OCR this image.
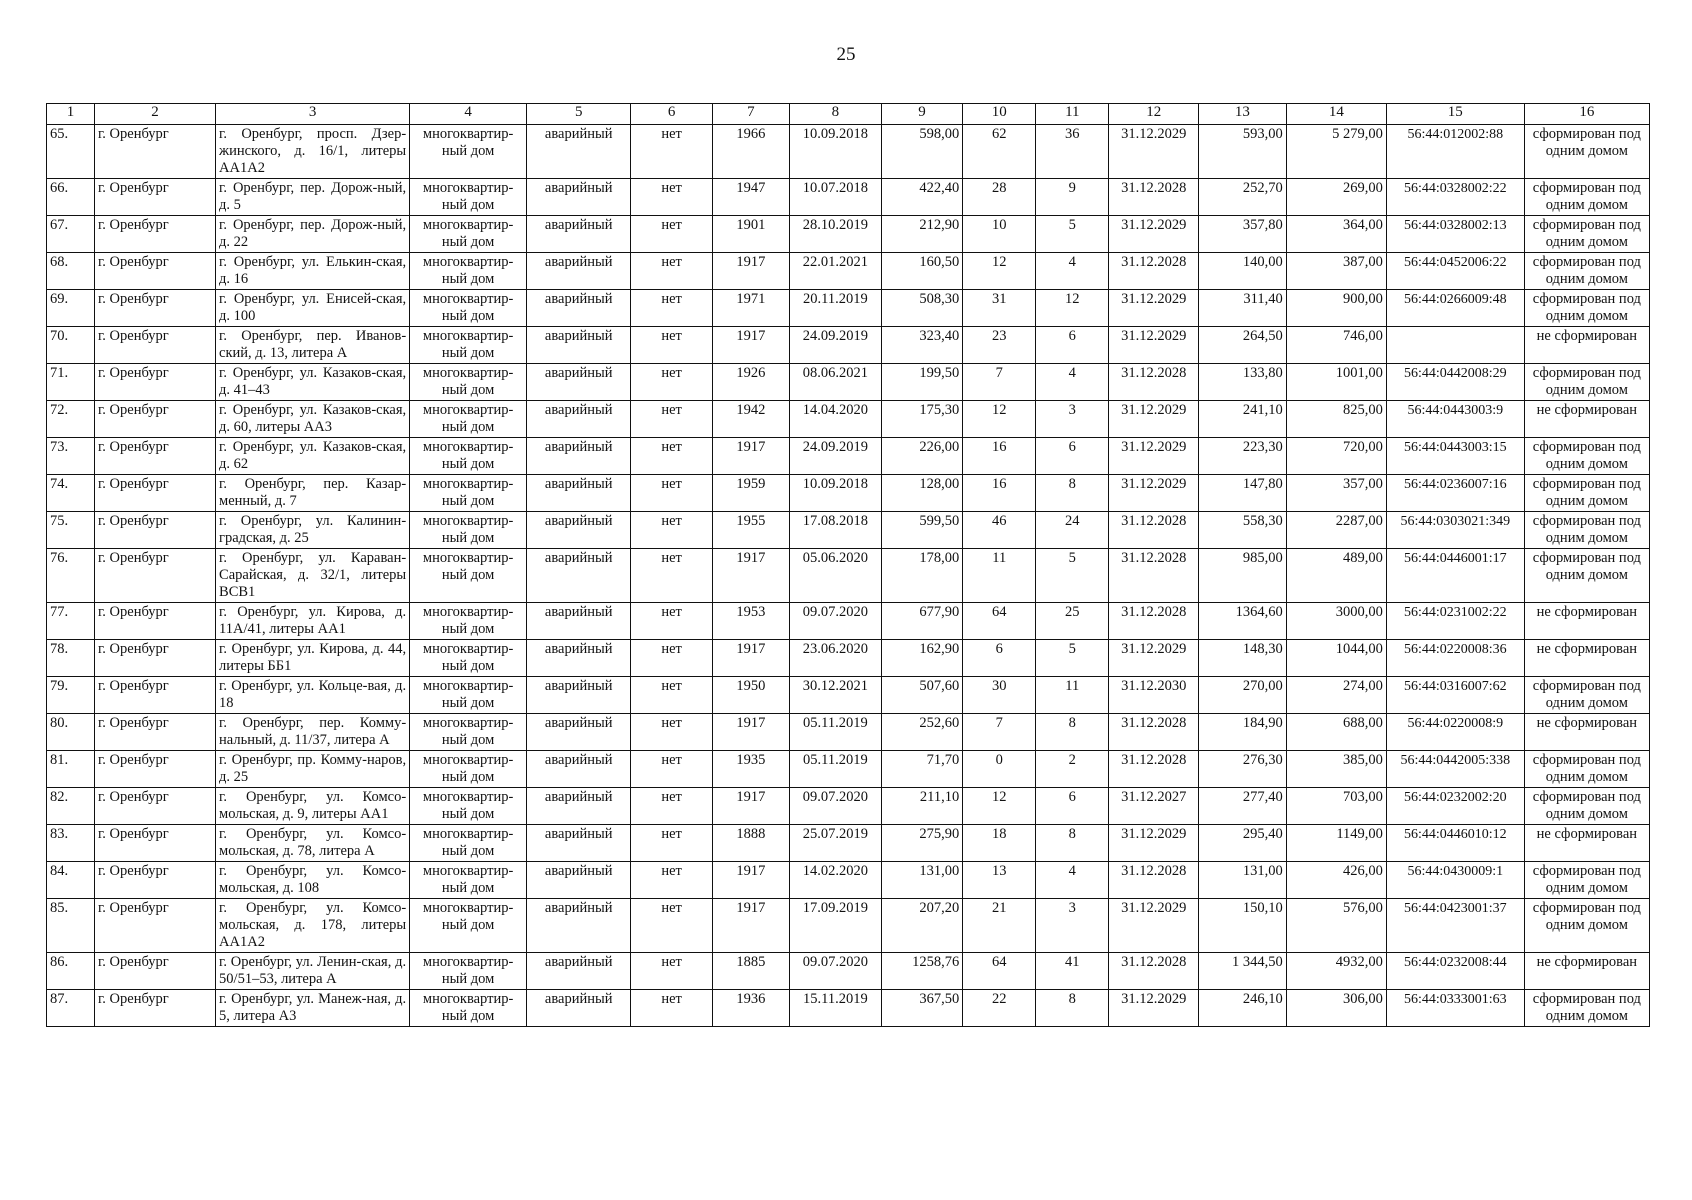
25
1	2	3	4	5	6	7	8	9	10	11	12	13	14	15	16
65.	г. Оренбург	г. Оренбург, просп. Дзер-жинского, д. 16/1, литеры АА1А2	многоквартир-ный дом	аварийный	нет	1966	10.09.2018	598,00	62	36	31.12.2029	593,00	5 279,00	56:44:012002:88	сформирован под одним домом
66.	г. Оренбург	г. Оренбург, пер. Дорож-ный, д. 5	многоквартир-ный дом	аварийный	нет	1947	10.07.2018	422,40	28	9	31.12.2028	252,70	269,00	56:44:0328002:22	сформирован под одним домом
67.	г. Оренбург	г. Оренбург, пер. Дорож-ный, д. 22	многоквартир-ный дом	аварийный	нет	1901	28.10.2019	212,90	10	5	31.12.2029	357,80	364,00	56:44:0328002:13	сформирован под одним домом
68.	г. Оренбург	г. Оренбург, ул. Елькин-ская, д. 16	многоквартир-ный дом	аварийный	нет	1917	22.01.2021	160,50	12	4	31.12.2028	140,00	387,00	56:44:0452006:22	сформирован под одним домом
69.	г. Оренбург	г. Оренбург, ул. Енисей-ская, д. 100	многоквартир-ный дом	аварийный	нет	1971	20.11.2019	508,30	31	12	31.12.2029	311,40	900,00	56:44:0266009:48	сформирован под одним домом
70.	г. Оренбург	г. Оренбург, пер. Иванов-ский, д. 13, литера А	многоквартир-ный дом	аварийный	нет	1917	24.09.2019	323,40	23	6	31.12.2029	264,50	746,00		не сформирован
71.	г. Оренбург	г. Оренбург, ул. Казаков-ская, д. 41–43	многоквартир-ный дом	аварийный	нет	1926	08.06.2021	199,50	7	4	31.12.2028	133,80	1001,00	56:44:0442008:29	сформирован под одним домом
72.	г. Оренбург	г. Оренбург, ул. Казаков-ская, д. 60, литеры АА3	многоквартир-ный дом	аварийный	нет	1942	14.04.2020	175,30	12	3	31.12.2029	241,10	825,00	56:44:0443003:9	не сформирован
73.	г. Оренбург	г. Оренбург, ул. Казаков-ская, д. 62	многоквартир-ный дом	аварийный	нет	1917	24.09.2019	226,00	16	6	31.12.2029	223,30	720,00	56:44:0443003:15	сформирован под одним домом
74.	г. Оренбург	г. Оренбург, пер. Казар-менный, д. 7	многоквартир-ный дом	аварийный	нет	1959	10.09.2018	128,00	16	8	31.12.2029	147,80	357,00	56:44:0236007:16	сформирован под одним домом
75.	г. Оренбург	г. Оренбург, ул. Калинин-градская, д. 25	многоквартир-ный дом	аварийный	нет	1955	17.08.2018	599,50	46	24	31.12.2028	558,30	2287,00	56:44:0303021:349	сформирован под одним домом
76.	г. Оренбург	г. Оренбург, ул. Караван-Сарайская, д. 32/1, литеры ВСВ1	многоквартир-ный дом	аварийный	нет	1917	05.06.2020	178,00	11	5	31.12.2028	985,00	489,00	56:44:0446001:17	сформирован под одним домом
77.	г. Оренбург	г. Оренбург, ул. Кирова, д. 11А/41, литеры АА1	многоквартир-ный дом	аварийный	нет	1953	09.07.2020	677,90	64	25	31.12.2028	1364,60	3000,00	56:44:0231002:22	не сформирован
78.	г. Оренбург	г. Оренбург, ул. Кирова, д. 44, литеры ББ1	многоквартир-ный дом	аварийный	нет	1917	23.06.2020	162,90	6	5	31.12.2029	148,30	1044,00	56:44:0220008:36	не сформирован
79.	г. Оренбург	г. Оренбург, ул. Кольце-вая, д. 18	многоквартир-ный дом	аварийный	нет	1950	30.12.2021	507,60	30	11	31.12.2030	270,00	274,00	56:44:0316007:62	сформирован под одним домом
80.	г. Оренбург	г. Оренбург, пер. Комму-нальный, д. 11/37, литера А	многоквартир-ный дом	аварийный	нет	1917	05.11.2019	252,60	7	8	31.12.2028	184,90	688,00	56:44:0220008:9	не сформирован
81.	г. Оренбург	г. Оренбург, пр. Комму-наров, д. 25	многоквартир-ный дом	аварийный	нет	1935	05.11.2019	71,70	0	2	31.12.2028	276,30	385,00	56:44:0442005:338	сформирован под одним домом
82.	г. Оренбург	г. Оренбург, ул. Комсо-мольская, д. 9, литеры АА1	многоквартир-ный дом	аварийный	нет	1917	09.07.2020	211,10	12	6	31.12.2027	277,40	703,00	56:44:0232002:20	сформирован под одним домом
83.	г. Оренбург	г. Оренбург, ул. Комсо-мольская, д. 78, литера А	многоквартир-ный дом	аварийный	нет	1888	25.07.2019	275,90	18	8	31.12.2029	295,40	1149,00	56:44:0446010:12	не сформирован
84.	г. Оренбург	г. Оренбург, ул. Комсо-мольская, д. 108	многоквартир-ный дом	аварийный	нет	1917	14.02.2020	131,00	13	4	31.12.2028	131,00	426,00	56:44:0430009:1	сформирован под одним домом
85.	г. Оренбург	г. Оренбург, ул. Комсо-мольская, д. 178, литеры АА1А2	многоквартир-ный дом	аварийный	нет	1917	17.09.2019	207,20	21	3	31.12.2029	150,10	576,00	56:44:0423001:37	сформирован под одним домом
86.	г. Оренбург	г. Оренбург, ул. Ленин-ская, д. 50/51–53, литера А	многоквартир-ный дом	аварийный	нет	1885	09.07.2020	1258,76	64	41	31.12.2028	1 344,50	4932,00	56:44:0232008:44	не сформирован
87.	г. Оренбург	г. Оренбург, ул. Манеж-ная, д. 5, литера А3	многоквартир-ный дом	аварийный	нет	1936	15.11.2019	367,50	22	8	31.12.2029	246,10	306,00	56:44:0333001:63	сформирован под одним домом
